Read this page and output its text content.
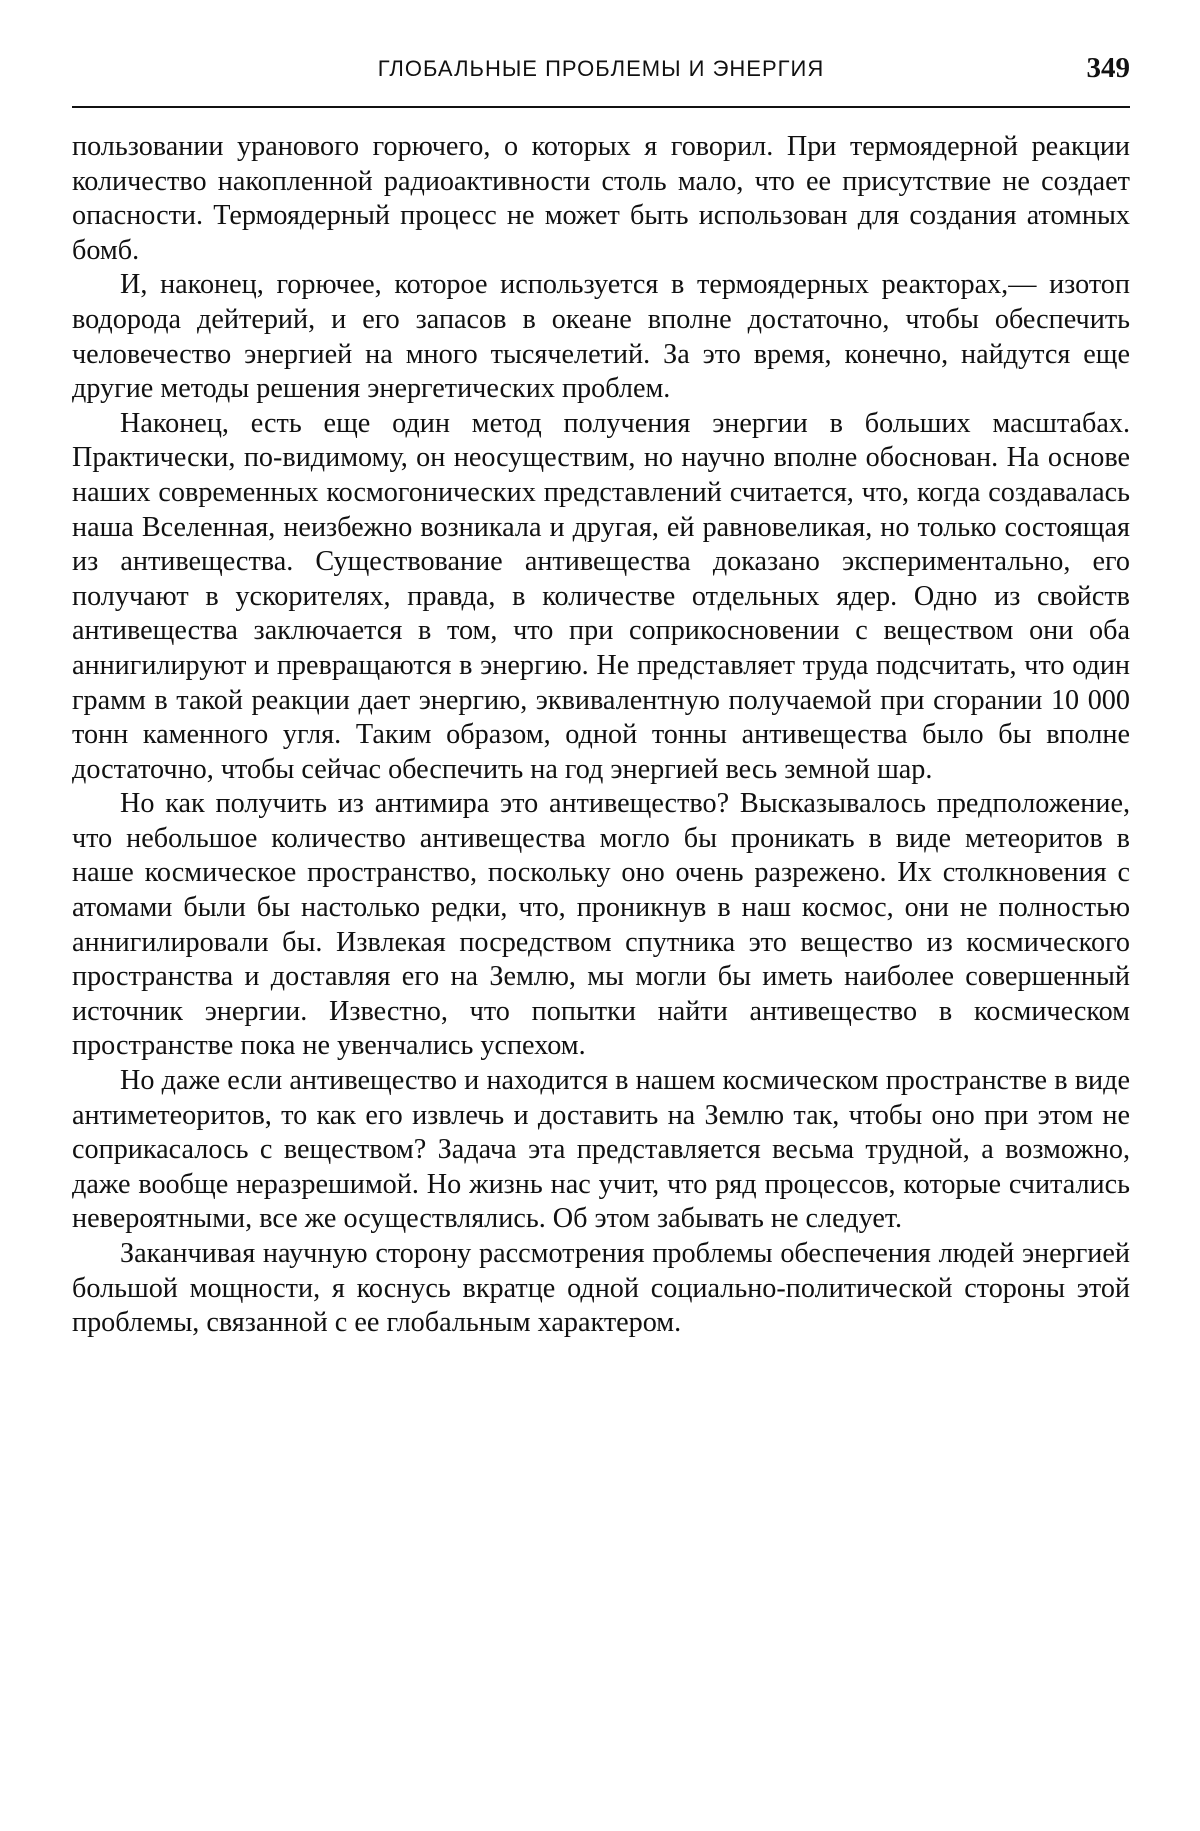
ГЛОБАЛЬНЫЕ ПРОБЛЕМЫ И ЭНЕРГИЯ	349

пользовании уранового горючего, о которых я говорил. При термоядерной реакции количество накопленной радиоактивности столь мало, что ее присутствие не создает опасности. Термоядерный процесс не может быть использован для создания атомных бомб.

И, наконец, горючее, которое используется в термоядерных реакторах,— изотоп водорода дейтерий, и его запасов в океане вполне достаточно, чтобы обеспечить человечество энергией на много тысячелетий. За это время, конечно, найдутся еще другие методы решения энергетических проблем.

Наконец, есть еще один метод получения энергии в больших масштабах. Практически, по-видимому, он неосуществим, но научно вполне обоснован. На основе наших современных космогонических представлений считается, что, когда создавалась наша Вселенная, неизбежно возникала и другая, ей равновеликая, но только состоящая из антивещества. Существование антивещества доказано экспериментально, его получают в ускорителях, правда, в количестве отдельных ядер. Одно из свойств антивещества заключается в том, что при соприкосновении с веществом они оба аннигилируют и превращаются в энергию. Не представляет труда подсчитать, что один грамм в такой реакции дает энергию, эквивалентную получаемой при сгорании 10 000 тонн каменного угля. Таким образом, одной тонны антивещества было бы вполне достаточно, чтобы сейчас обеспечить на год энергией весь земной шар.

Но как получить из антимира это антивещество? Высказывалось предположение, что небольшое количество антивещества могло бы проникать в виде метеоритов в наше космическое пространство, поскольку оно очень разрежено. Их столкновения с атомами были бы настолько редки, что, проникнув в наш космос, они не полностью аннигилировали бы. Извлекая посредством спутника это вещество из космического пространства и доставляя его на Землю, мы могли бы иметь наиболее совершенный источник энергии. Известно, что попытки найти антивещество в космическом пространстве пока не увенчались успехом.

Но даже если антивещество и находится в нашем космическом пространстве в виде антиметеоритов, то как его извлечь и доставить на Землю так, чтобы оно при этом не соприкасалось с веществом? Задача эта представляется весьма трудной, а возможно, даже вообще неразрешимой. Но жизнь нас учит, что ряд процессов, которые считались невероятными, все же осуществлялись. Об этом забывать не следует.

Заканчивая научную сторону рассмотрения проблемы обеспечения людей энергией большой мощности, я коснусь вкратце одной социально-политической стороны этой проблемы, связанной с ее глобальным характером.
